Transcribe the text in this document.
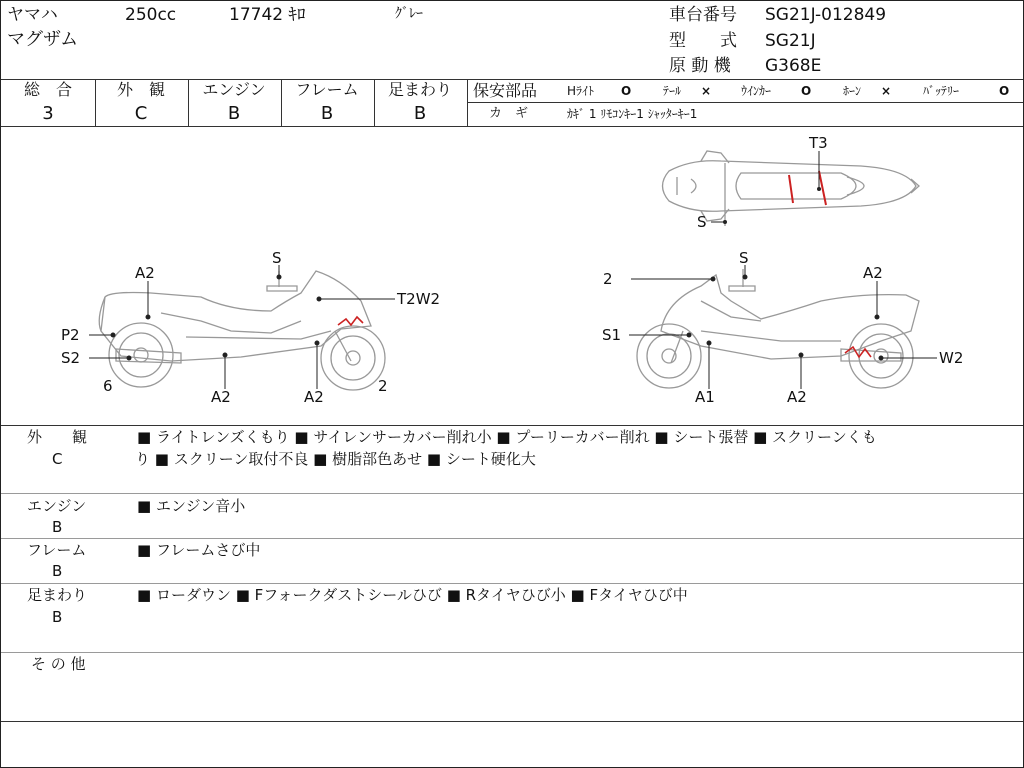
ヤマハ	250cc	17742 ｷﾛ	ｸﾞﾚｰ
マグザム
車台番号 SG21J-012849
型　　式 SG21J
原 動 機 G368E
総　合
3
外　観
C
エンジン
B
フレーム
B
足まわり
B
保安部品 Hﾗｲﾄ O	ﾃｰﾙ × ｳｲﾝｶｰ O	ﾎｰﾝ ×	ﾊﾞｯﾃﾘｰ	O
カ　ギ	ｶｷﾞ 1 ﾘﾓｺﾝｷｰ1 ｼｬｯﾀｰｷｰ1
T3
S
A2
S
T2W2
P2
S2
6
A2	A2
2
2
S
A2
S1
W2
A1	A2
外　　観
C
■ ライトレンズくもり ■ サイレンサーカバー削れ小 ■ プーリーカバー削れ ■ シート張替 ■ スクリーンくも
り ■ スクリーン取付不良 ■ 樹脂部色あせ ■ シート硬化大
エンジン
B
■ エンジン音小
フレーム
B
■ フレームさび中
足まわり
B
■ ローダウン ■ Fフォークダストシールひび ■ Rタイヤひび小 ■ Fタイヤひび中
そ の 他
